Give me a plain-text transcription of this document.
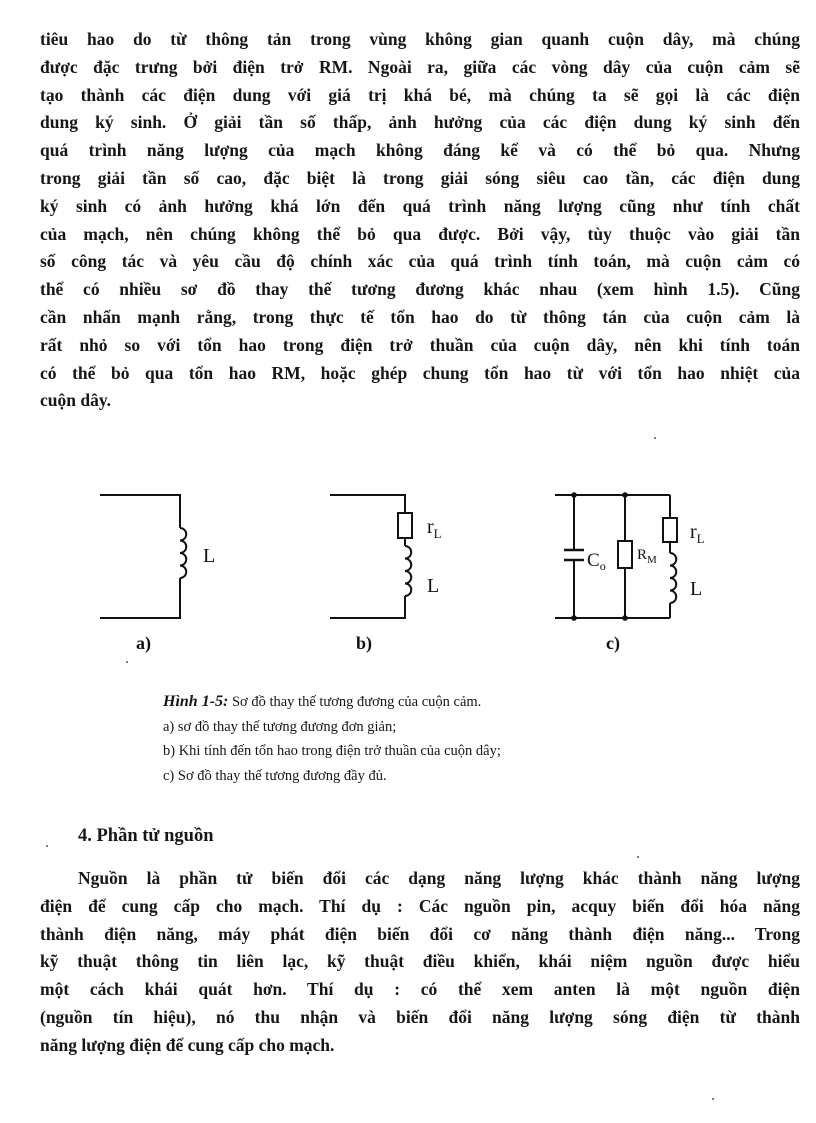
tiêu hao do từ thông tản trong vùng không gian quanh cuộn dây, mà chúng
được đặc trưng bởi điện trở RM. Ngoài ra, giữa các vòng dây của cuộn cảm sẽ
tạo thành các điện dung với giá trị khá bé, mà chúng ta sẽ gọi là các điện
dung ký sinh. Ở giải tần số thấp, ảnh hưởng của các điện dung ký sinh đến
quá trình năng lượng của mạch không đáng kể và có thể bỏ qua. Nhưng
trong giải tần số cao, đặc biệt là trong giải sóng siêu cao tần, các điện dung
ký sinh có ảnh hưởng khá lớn đến quá trình năng lượng cũng như tính chất
của mạch, nên chúng không thể bỏ qua được. Bởi vậy, tùy thuộc vào giải tần
số công tác và yêu cầu độ chính xác của quá trình tính toán, mà cuộn cảm có
thể có nhiều sơ đồ thay thế tương đương khác nhau (xem hình 1.5). Cũng
cần nhấn mạnh rằng, trong thực tế tổn hao do từ thông tán của cuộn cảm là
rất nhỏ so với tổn hao trong điện trở thuần của cuộn dây, nên khi tính toán
có thể bỏ qua tổn hao RM, hoặc ghép chung tổn hao từ với tổn hao nhiệt của
cuộn dây.
L
a)
$r_L$
L
b)
$C_o$
$R_M$
$r_L$
L
c)
Hình 1-5: Sơ đồ thay thế tương đương của cuộn cảm.
a) sơ đồ thay thế tương đương đơn giản;
b) Khi tính đến tổn hao trong điện trở thuần của cuộn dây;
c) Sơ đồ thay thế tương đương đầy đủ.
4. Phần tử nguồn
Nguồn là phần tử biến đổi các dạng năng lượng khác thành năng lượng
điện để cung cấp cho mạch. Thí dụ : Các nguồn pin, acquy biến đổi hóa năng
thành điện năng, máy phát điện biến đổi cơ năng thành điện năng... Trong
kỹ thuật thông tin liên lạc, kỹ thuật điều khiển, khái niệm nguồn được hiểu
một cách khái quát hơn. Thí dụ : có thể xem anten là một nguồn điện
(nguồn tín hiệu), nó thu nhận và biến đổi năng lượng sóng điện từ thành
năng lượng điện để cung cấp cho mạch.
